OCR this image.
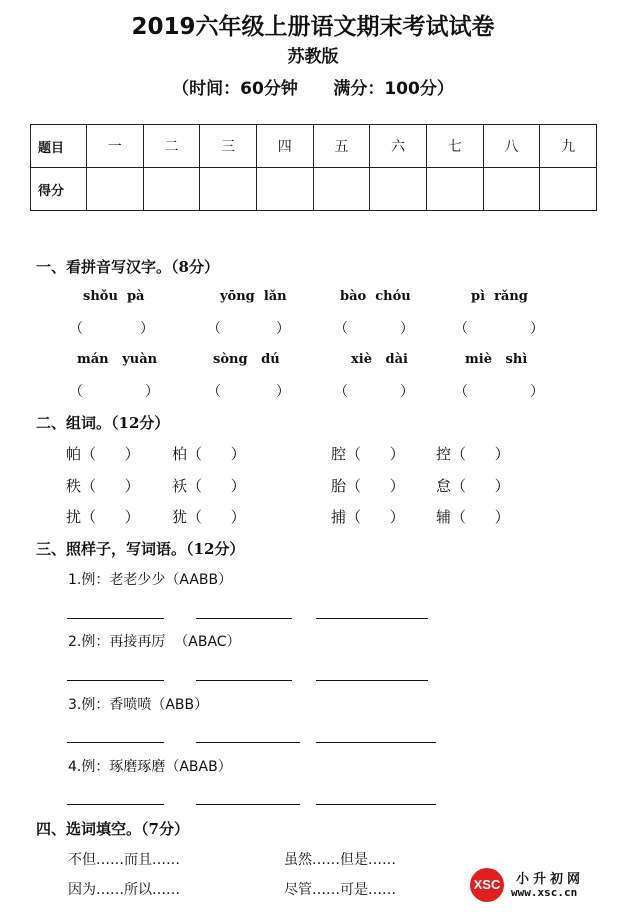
2019六年级上册语文期末考试试卷
苏教版
（时间：60分钟      满分：100分）
题目	一	二	三	四	五	六	七	八	九
得分									
一、看拼音写汉字。（8分）
shǒu  pà	yōng  lǎn	bào  chóu	pì  rǎng
（	）	（	）	（	）	（	）
mán   yuàn	sòng   dú	xiè   dài	miè   shì
（	）	（	）	（	）	（	）
二、组词。（12分）
帕（      ） 柏（      ）	腔（      ） 控（      ）
秩（      ） 袄（      ）	胎（      ） 怠（      ）
扰（      ） 犹（      ）	捕（      ） 辅（      ）
三、照样子，写词语。（12分）
1.例：老老少少（AABB）
2.例：再接再厉  （ABAC）
3.例：香喷喷（ABB）
4.例：琢磨琢磨（ABAB）
四、选词填空。（7分）
不但……而且……	虽然……但是……
因为……所以……	尽管……可是……	XSC 小升初网
www.xsc.cn
